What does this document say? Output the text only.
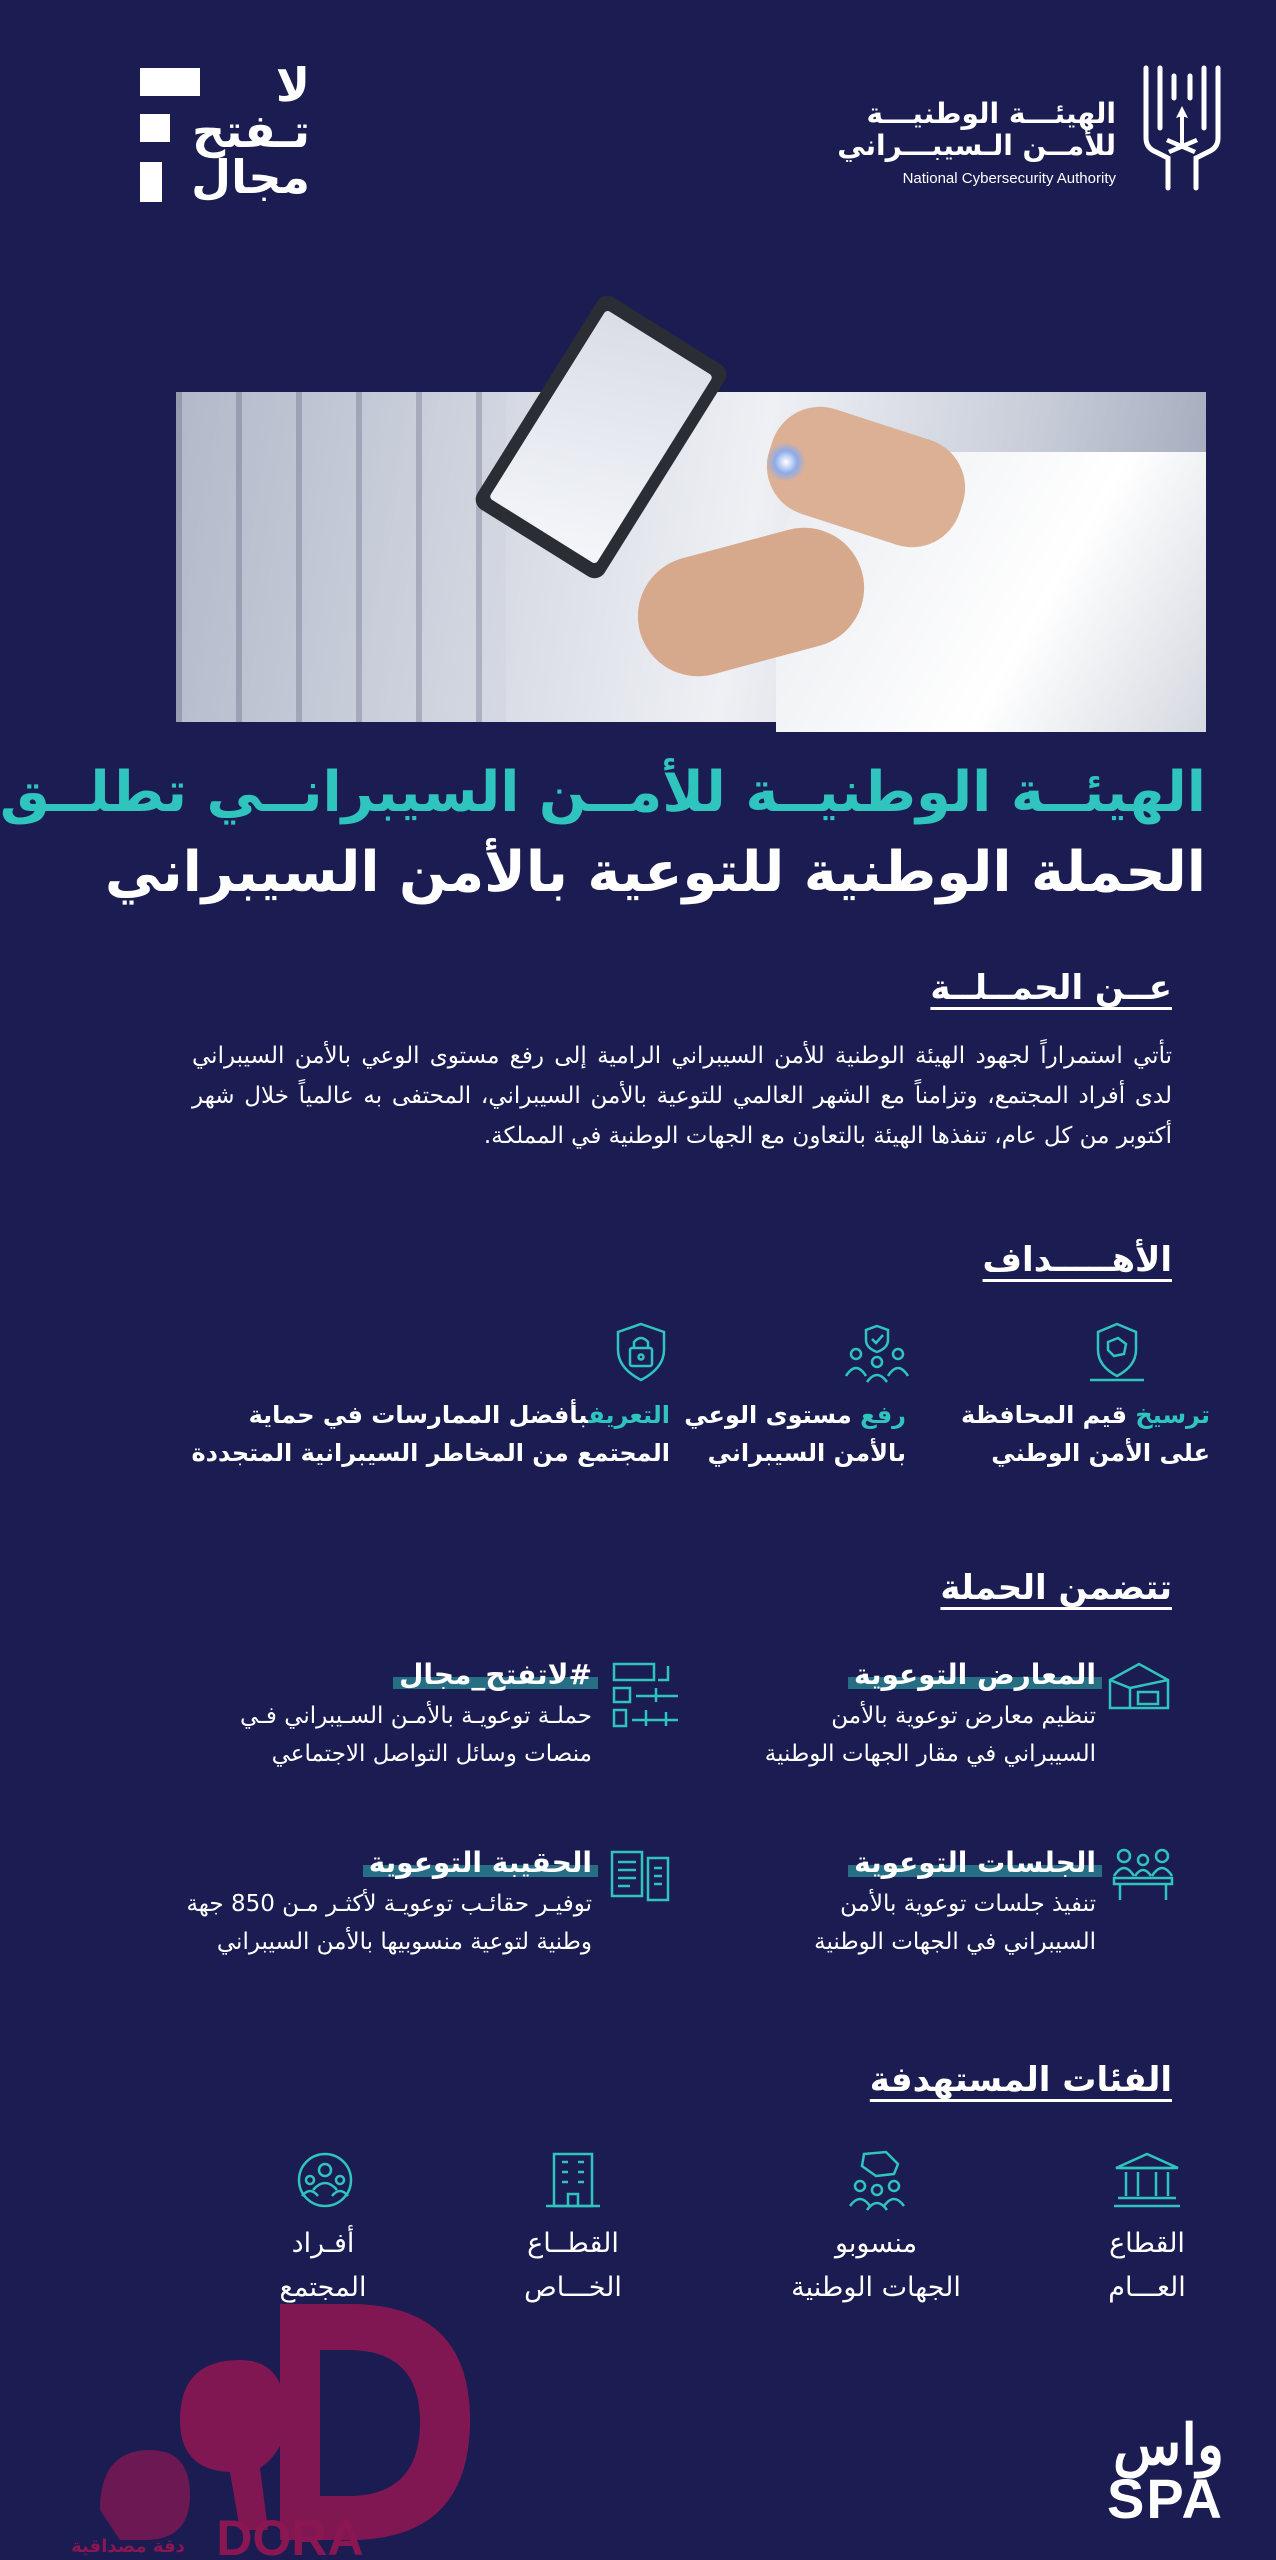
الهيئـــة الوطنيـــة
للأمــن الـسيبـــراني
National Cybersecurity Authority
لا
تـفتح
مجال
الهيئــة الوطنيــة للأمــن السيبرانــي تطلــق
الحملة الوطنية للتوعية بالأمن السيبراني
عــن الحمــلــة
تأتي استمراراً لجهود الهيئة الوطنية للأمن السيبراني الرامية إلى رفع مستوى الوعي بالأمن السيبراني لدى أفراد المجتمع، وتزامناً مع الشهر العالمي للتوعية بالأمن السيبراني، المحتفى به عالمياً خلال شهر أكتوبر من كل عام، تنفذها الهيئة بالتعاون مع الجهات الوطنية في المملكة.
الأهـــــداف
ترسيخ قيم المحافظة
على الأمن الوطني
رفع مستوى الوعي
بالأمن السيبراني
التعريفبأفضل الممارسات في حماية
المجتمع من المخاطر السيبرانية المتجددة
تتضمن الحملة
المعارض التوعوية
تنظيم معارض توعوية بالأمن
السيبراني في مقار الجهات الوطنية
#لاتفتح_مجال
حملـة توعويـة بالأمـن السـيبراني فـي
منصات وسائل التواصل الاجتماعي
الجلسات التوعوية
تنفيذ جلسات توعوية بالأمن
السيبراني في الجهات الوطنية
الحقيبة التوعوية
توفيـر حقائـب توعويـة لأكثـر مـن 850 جهة
وطنية لتوعية منسوبيها بالأمن السيبراني
الفئات المستهدفة
القطاع
العـــام
منسوبو
الجهات الوطنية
القطــاع
الخـــاص
أفـراد
المجتمع
واس
SPA
DORA
دقة مصداقية
